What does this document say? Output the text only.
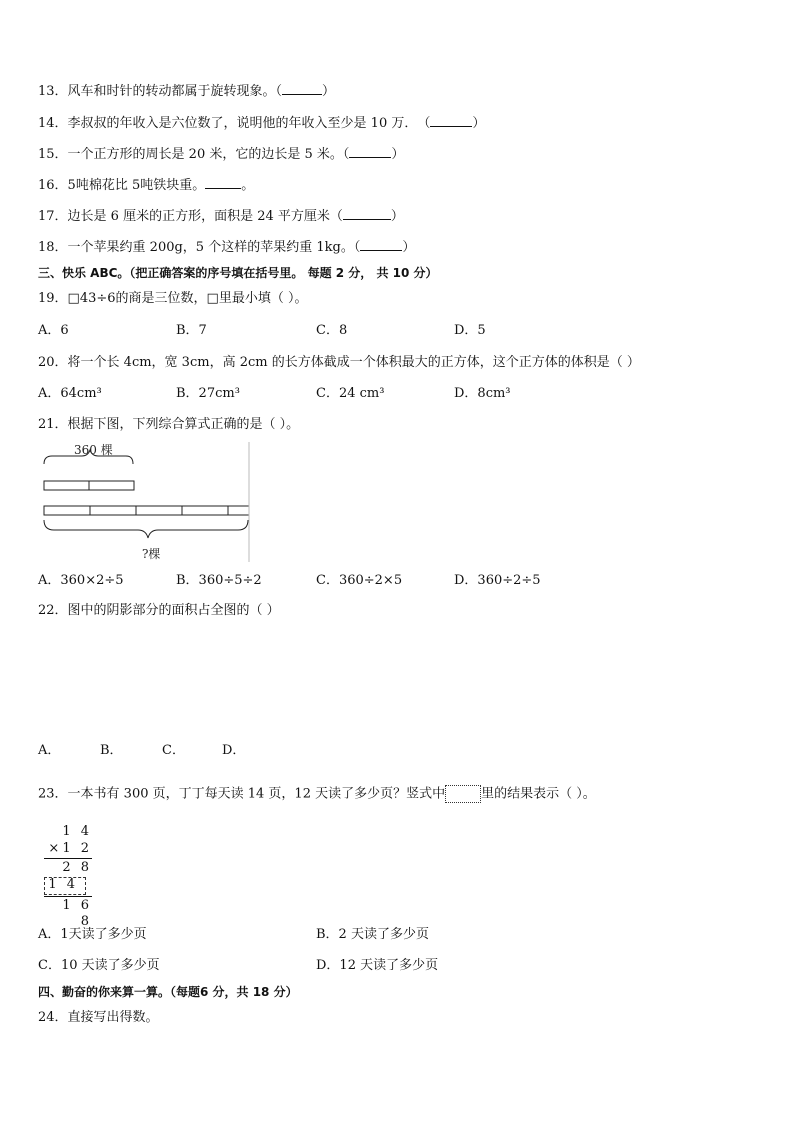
13．风车和时针的转动都属于旋转现象。（	）
14．李叔叔的年收入是六位数了，说明他的年收入至少是 10 万．　（	）
15．一个正方形的周长是 20 米，它的边长是 5 米。（	）
16．5吨棉花比 5吨铁块重。	。
17．边长是 6 厘米的正方形，面积是 24 平方厘米（	）
18．一个苹果约重 200g，5 个这样的苹果约重 1kg。（	）
三、快乐 ABC。（把正确答案的序号填在括号里。 每题 2 分， 共 10 分）
19．□43÷6的商是三位数，□里最小填（ ）。
A．6	B．7	C．8	D．5
20．将一个长 4cm，宽 3cm，高 2cm 的长方体截成一个体积最大的正方体，这个正方体的体积是（ ）
A．64cm³	B．27cm³	C．24 cm³	D．8cm³
21．根据下图，下列综合算式正确的是（ ）。
360 棵
?棵
A．360×2÷5	B．360÷5÷2	C．360÷2×5	D．360÷2÷5
22．图中的阴影部分的面积占全图的（ ）
A．	B．	C．	D．
23．一本书有 300 页，丁丁每天读 14 页，12 天读了多少页？竖式中	里的结果表示（ ）。
1 4
×1 2
2 8
1 4
1 6 8
A．1天读了多少页	B．2 天读了多少页
C．10 天读了多少页	D．12 天读了多少页
四、勤奋的你来算一算。（每题6 分，共 18 分）
24．直接写出得数。
